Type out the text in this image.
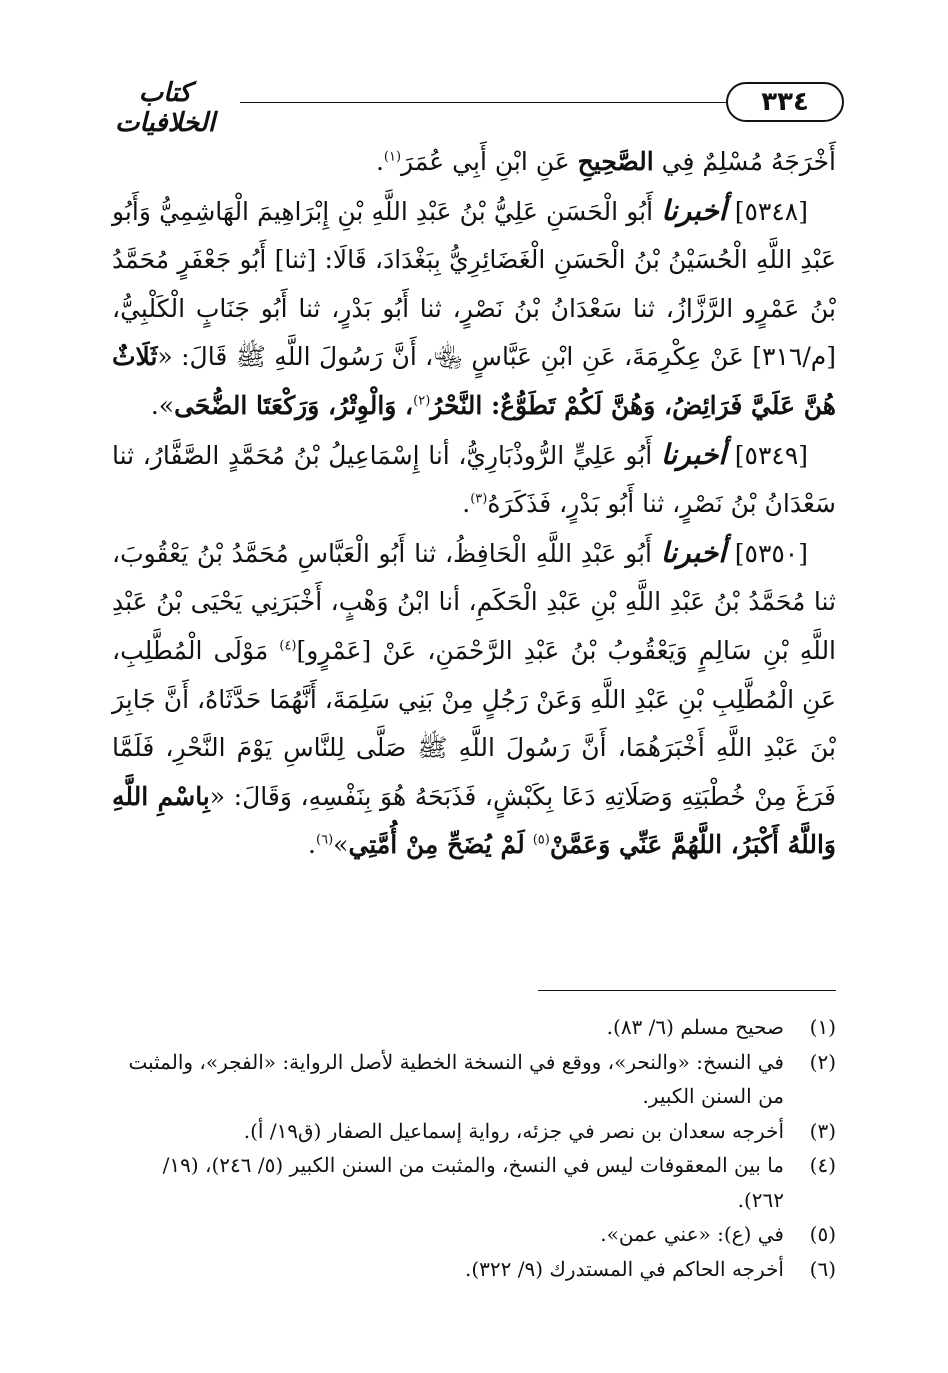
٣٣٤
كتاب الخلافيات

أَخْرَجَهُ مُسْلِمٌ فِي الصَّحِيحِ عَنِ ابْنِ أَبِي عُمَرَ$^{(١)}$.

[٥٣٤٨] أخبرنا أَبُو الْحَسَنِ عَلِيُّ بْنُ عَبْدِ اللَّهِ بْنِ إِبْرَاهِيمَ الْهَاشِمِيُّ وَأَبُو عَبْدِ اللَّهِ الْحُسَيْنُ بْنُ الْحَسَنِ الْغَضَائِرِيُّ بِبَغْدَادَ، قَالَا: [ثنا] أَبُو جَعْفَرٍ مُحَمَّدُ بْنُ عَمْرٍو الرَّزَّازُ، ثنا سَعْدَانُ بْنُ نَصْرٍ، ثنا أَبُو بَدْرٍ، ثنا أَبُو جَنَابٍ الْكَلْبِيُّ، [م/٣١٦] عَنْ عِكْرِمَةَ، عَنِ ابْنِ عَبَّاسٍ ﵄، أَنَّ رَسُولَ اللَّهِ ﷺ قَالَ: «ثَلَاثٌ هُنَّ عَلَيَّ فَرَائِضُ، وَهُنَّ لَكُمْ تَطَوُّعٌ: النَّحْرُ$^{(٢)}$، وَالْوِتْرُ، وَرَكْعَتَا الضُّحَى».

[٥٣٤٩] أخبرنا أَبُو عَلِيٍّ الرُّوذْبَارِيُّ، أنا إِسْمَاعِيلُ بْنُ مُحَمَّدٍ الصَّفَّارُ، ثنا سَعْدَانُ بْنُ نَصْرٍ، ثنا أَبُو بَدْرٍ، فَذَكَرَهُ$^{(٣)}$.

[٥٣٥٠] أخبرنا أَبُو عَبْدِ اللَّهِ الْحَافِظُ، ثنا أَبُو الْعَبَّاسِ مُحَمَّدُ بْنُ يَعْقُوبَ، ثنا مُحَمَّدُ بْنُ عَبْدِ اللَّهِ بْنِ عَبْدِ الْحَكَمِ، أنا ابْنُ وَهْبٍ، أَخْبَرَنِي يَحْيَى بْنُ عَبْدِ اللَّهِ بْنِ سَالِمٍ وَيَعْقُوبُ بْنُ عَبْدِ الرَّحْمَنِ، عَنْ [عَمْرٍو]$^{(٤)}$ مَوْلَى الْمُطَّلِبِ، عَنِ الْمُطَّلِبِ بْنِ عَبْدِ اللَّهِ وَعَنْ رَجُلٍ مِنْ بَنِي سَلِمَةَ، أَنَّهُمَا حَدَّثَاهُ، أَنَّ جَابِرَ بْنَ عَبْدِ اللَّهِ أَخْبَرَهُمَا، أَنَّ رَسُولَ اللَّهِ ﷺ صَلَّى لِلنَّاسِ يَوْمَ النَّحْرِ، فَلَمَّا فَرَغَ مِنْ خُطْبَتِهِ وَصَلَاتِهِ دَعَا بِكَبْشٍ، فَذَبَحَهُ هُوَ بِنَفْسِهِ، وَقَالَ: «بِاسْمِ اللَّهِ وَاللَّهُ أَكْبَرُ، اللَّهُمَّ عَنِّي وَعَمَّنْ$^{(٥)}$ لَمْ يُضَحِّ مِنْ أُمَّتِي»$^{(٦)}$.

(١)
صحيح مسلم (٦/ ٨٣).

(٢)
في النسخ: «والنحر»، ووقع في النسخة الخطية لأصل الرواية: «الفجر»، والمثبت من السنن الكبير.

(٣)
أخرجه سعدان بن نصر في جزئه، رواية إسماعيل الصفار (ق١٩/ أ).

(٤)
ما بين المعقوفات ليس في النسخ، والمثبت من السنن الكبير (٥/ ٢٤٦)، (١٩/ ٢٦٢).

(٥)
في (ع): «عني عمن».

(٦)
أخرجه الحاكم في المستدرك (٩/ ٣٢٢).
